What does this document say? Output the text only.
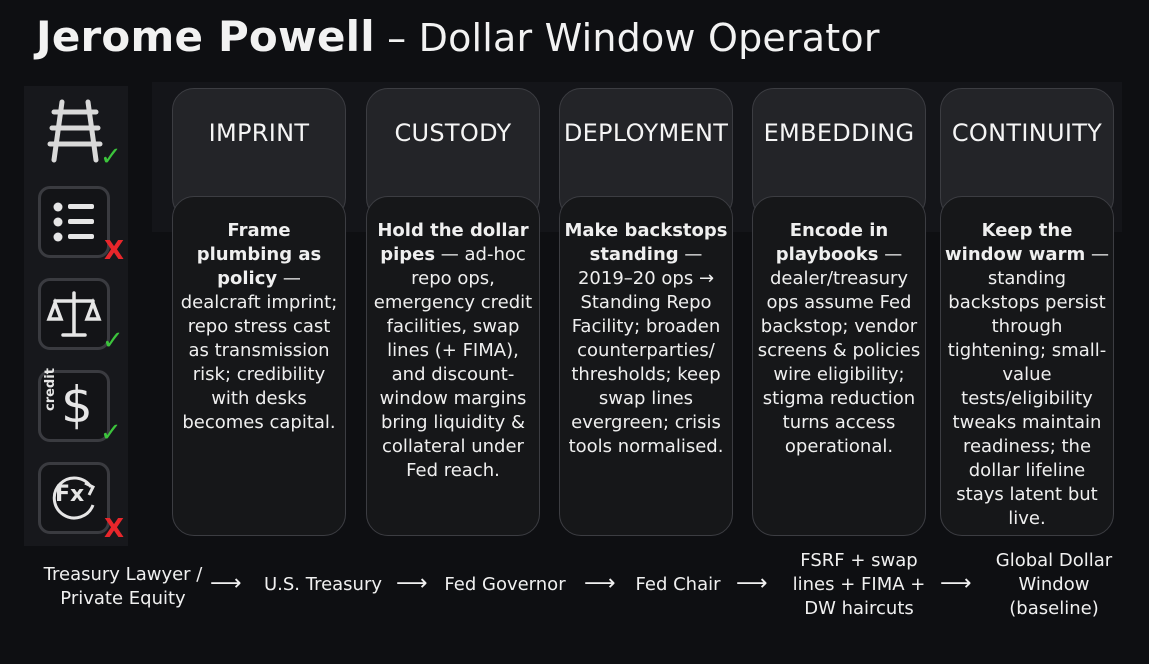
Jerome Powell – Dollar Window Operator
✓
X
✓
credit $ ✓
Fx
X
IMPRINT	CUSTODY	DEPLOYMENT	EMBEDDING	CONTINUITY
Frame plumbing as policy — dealcraft imprint; repo stress cast as transmission risk; credibility with desks becomes capital.
Hold the dollar pipes — ad-hoc repo ops, emergency credit facilities, swap lines (+ FIMA), and discount-window margins bring liquidity & collateral under Fed reach.
Make backstops standing — 2019–20 ops → Standing Repo Facility; broaden counterparties/ thresholds; keep swap lines evergreen; crisis tools normalised.
Encode in playbooks — dealer/treasury ops assume Fed backstop; vendor screens & policies wire eligibility; stigma reduction turns access operational.
Keep the window warm — standing backstops persist through tightening; small-value tests/eligibility tweaks maintain readiness; the dollar lifeline stays latent but live.
Treasury Lawyer / Private Equity
⟶	U.S. Treasury ⟶ Fed Governor ⟶	Fed Chair ⟶
FSRF + swap lines + FIMA + DW haircuts
⟶
Global Dollar Window (baseline)
